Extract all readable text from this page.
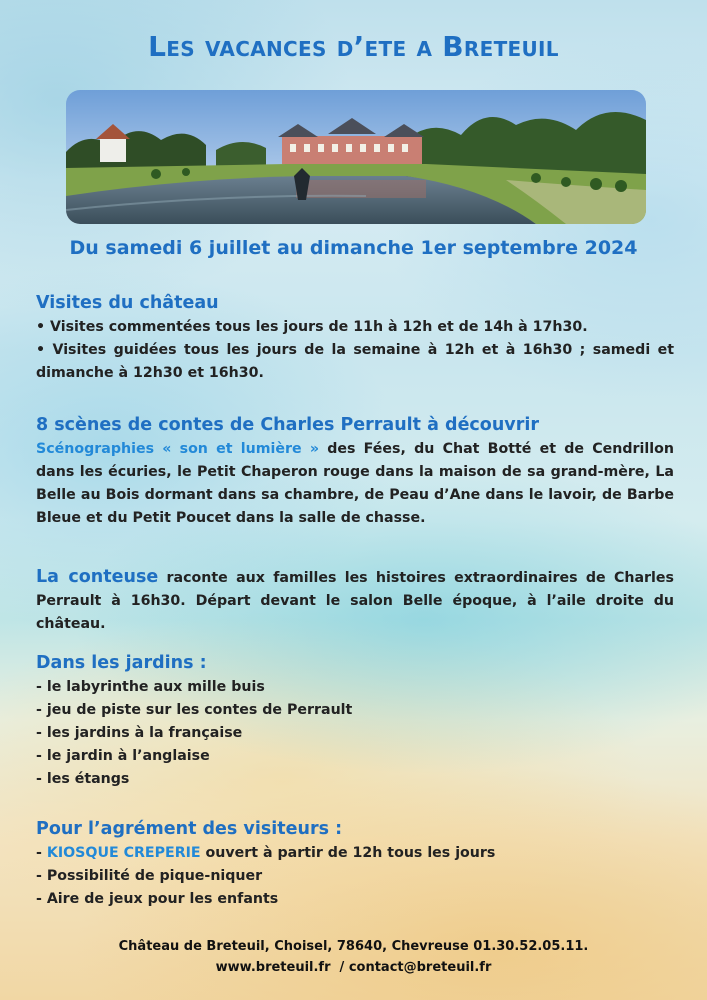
Les vacances d’ete a Breteuil
Du samedi 6 juillet au dimanche 1er septembre 2024
Visites du château

• Visites commentées tous les jours de 11h à 12h et de 14h à 17h30.

• Visites guidées tous les jours de la semaine à 12h et à 16h30 ; samedi et dimanche à 12h30 et 16h30.

8 scènes de contes de Charles Perrault à découvrir

Scénographies « son et lumière » des Fées, du Chat Botté et de Cendrillon dans les écuries, le Petit Chaperon rouge dans la maison de sa grand-mère, La Belle au Bois dormant dans sa chambre, de Peau d’Ane dans le lavoir, de Barbe Bleue et du Petit Poucet dans la salle de chasse.

La conteuse raconte aux familles les histoires extraordinaires de Charles Perrault à 16h30. Départ devant le salon Belle époque, à l’aile droite du château.

Dans les jardins :
- le labyrinthe aux mille buis
- jeu de piste sur les contes de Perrault
- les jardins à la française
- le jardin à l’anglaise
- les étangs
Pour l’agrément des visiteurs :
- KIOSQUE CREPERIE ouvert à partir de 12h tous les jours
- Possibilité de pique-niquer
- Aire de jeux pour les enfants
Château de Breteuil, Choisel, 78640, Chevreuse 01.30.52.05.11.
www.breteuil.fr  / contact@breteuil.fr
